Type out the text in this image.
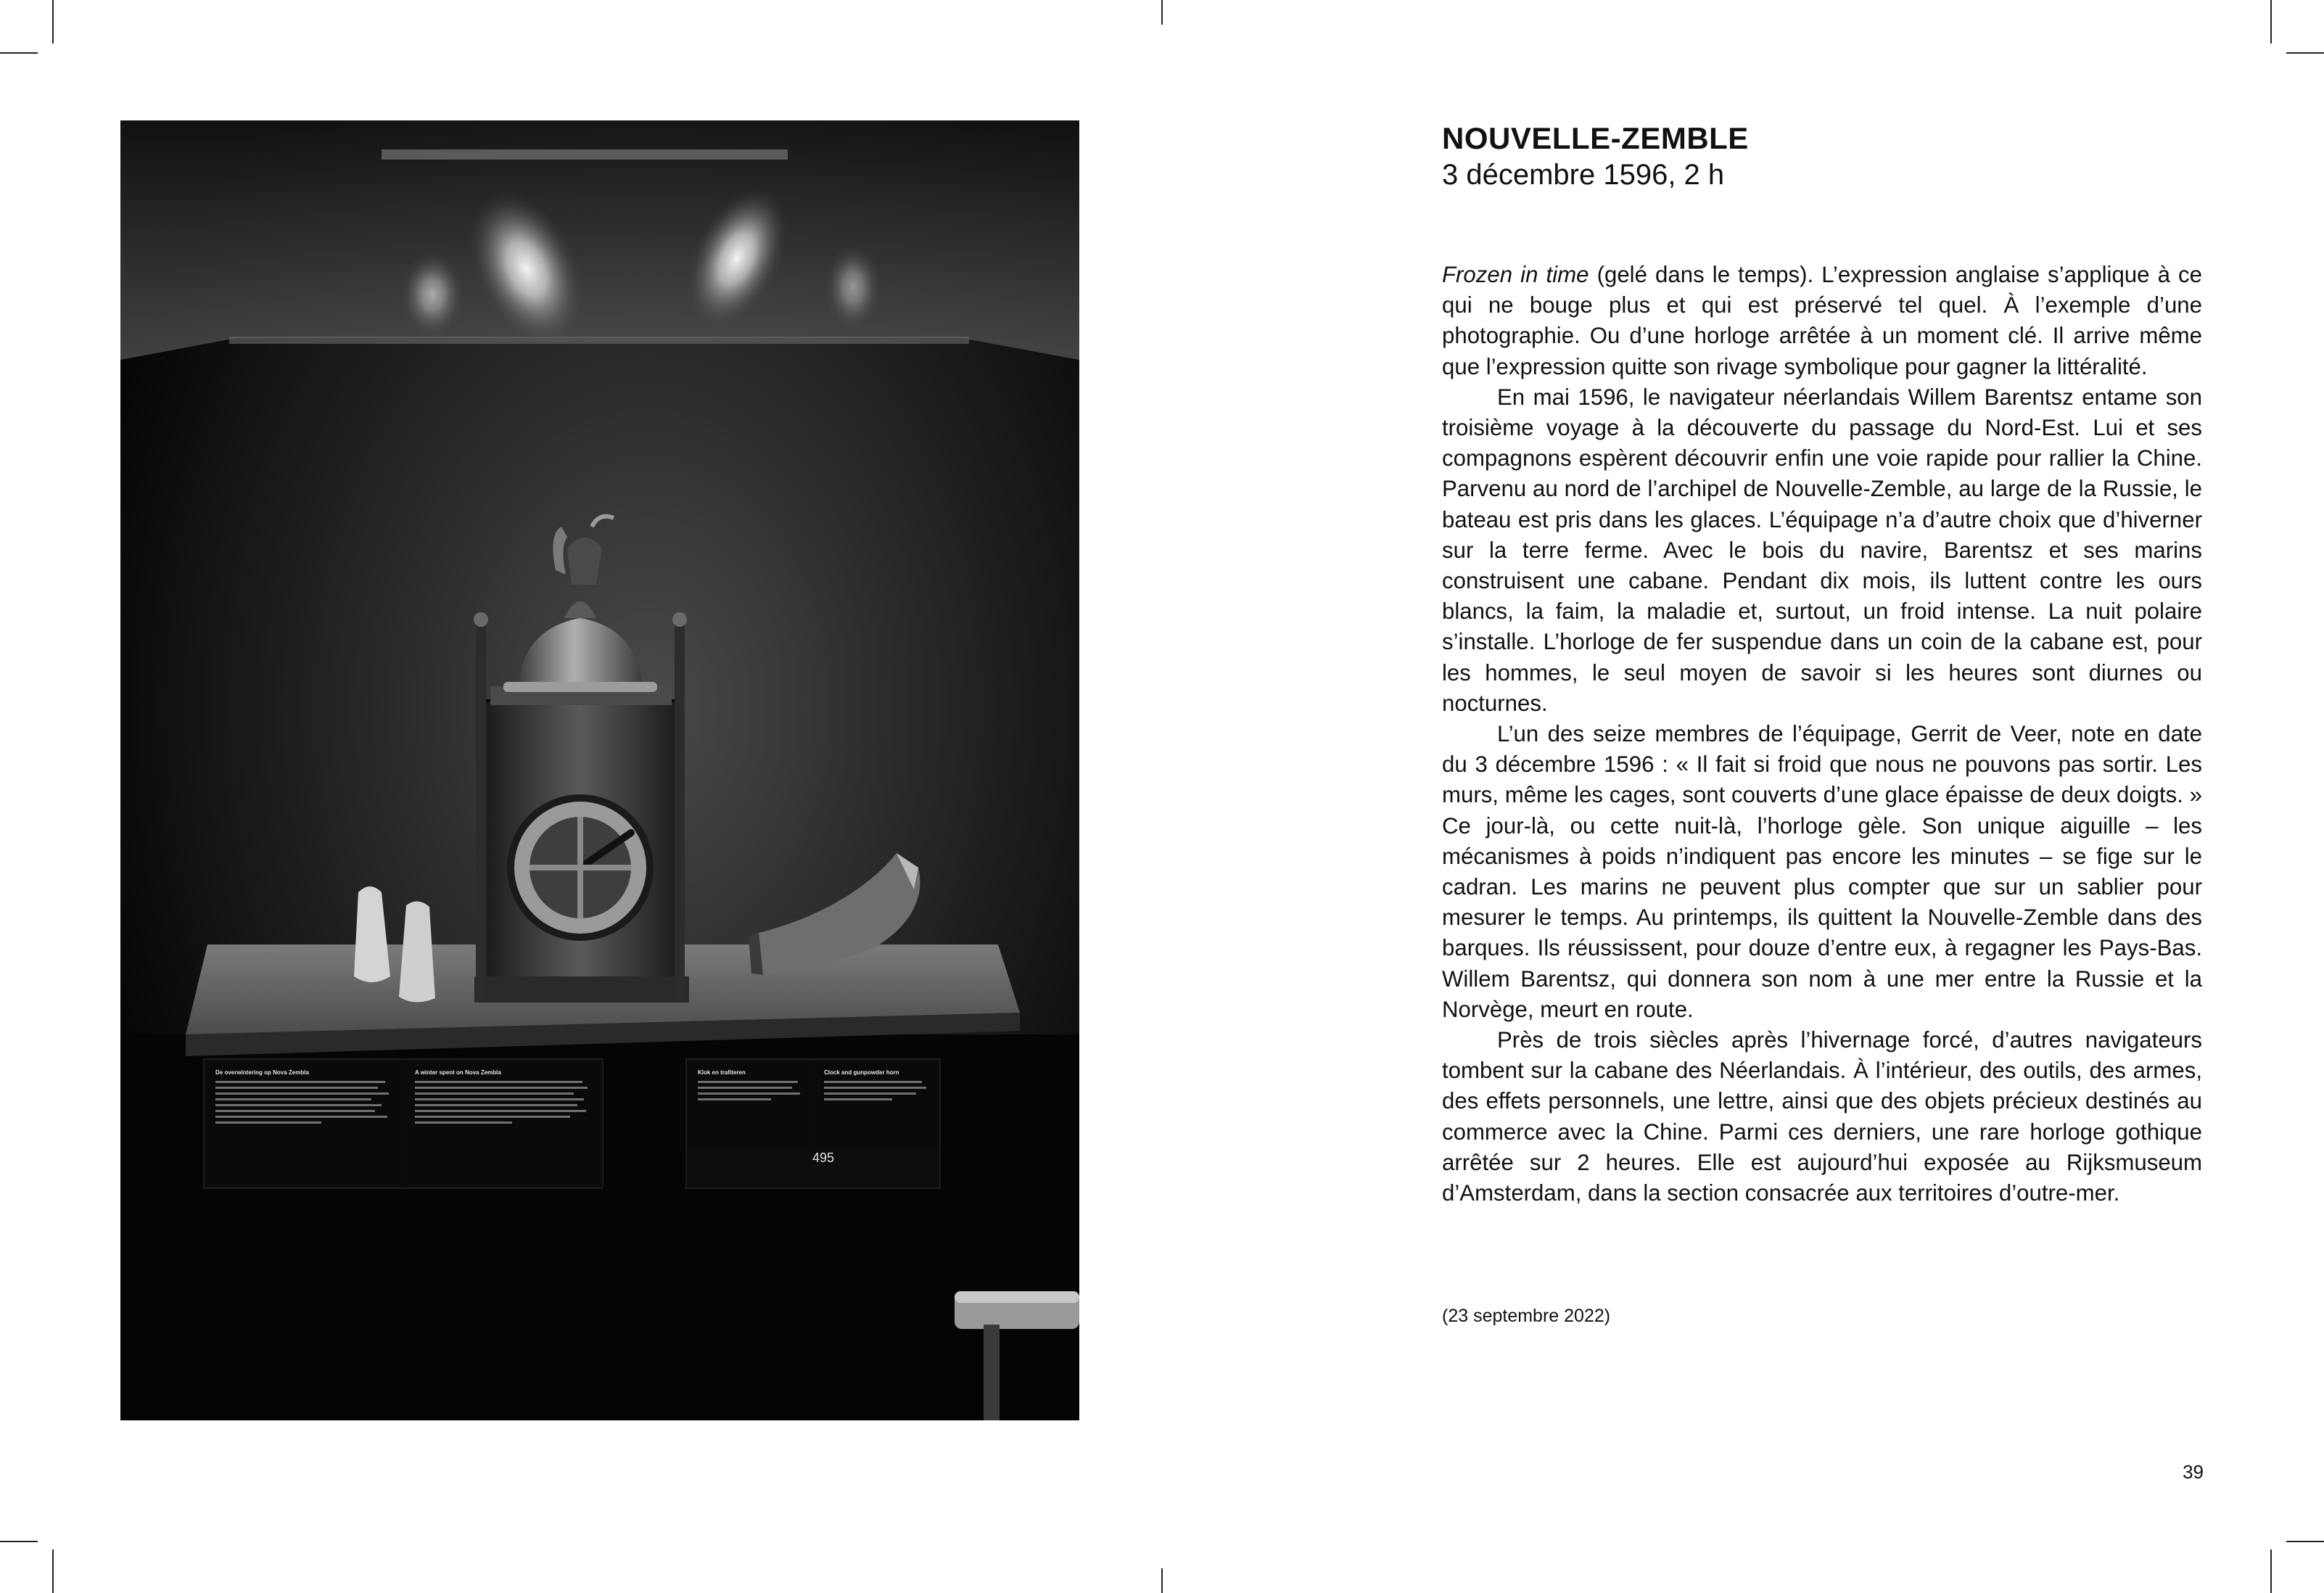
De overwintering op Nova Zembla	A winter spent on Nova Zembla	Klok en trafiteren	Clock and gunpowder horn
495
NOUVELLE-ZEMBLE
3 décembre 1596, 2 h

Frozen in time (gelé dans le temps). L’expression anglaise s’applique à ce qui ne bouge plus et qui est préservé tel quel. À l’exemple d’une photographie. Ou d’une horloge arrêtée à un moment clé. Il arrive même que l’expression quitte son rivage symbolique pour gagner la littéralité.

En mai 1596, le navigateur néerlandais Willem Barentsz entame son troisième voyage à la découverte du passage du Nord-Est. Lui et ses compagnons espèrent découvrir enfin une voie rapide pour rallier la Chine. Parvenu au nord de l’archipel de Nouvelle-Zemble, au large de la Russie, le bateau est pris dans les glaces. L’équipage n’a d’autre choix que d’hiverner sur la terre ferme. Avec le bois du navire, Barentsz et ses marins construisent une cabane. Pendant dix mois, ils luttent contre les ours blancs, la faim, la maladie et, surtout, un froid intense. La nuit polaire s’installe. L’horloge de fer suspendue dans un coin de la cabane est, pour les hommes, le seul moyen de savoir si les heures sont diurnes ou nocturnes.

L’un des seize membres de l’équipage, Gerrit de Veer, note en date du 3 décembre 1596 : « Il fait si froid que nous ne pouvons pas sortir. Les murs, même les cages, sont couverts d’une glace épaisse de deux doigts. » Ce jour-là, ou cette nuit-là, l’horloge gèle. Son unique aiguille – les mécanismes à poids n’indiquent pas encore les minutes – se fige sur le cadran. Les marins ne peuvent plus compter que sur un sablier pour mesurer le temps. Au printemps, ils quittent la Nouvelle-Zemble dans des barques. Ils réussissent, pour douze d’entre eux, à regagner les Pays-Bas. Willem Barentsz, qui donnera son nom à une mer entre la Russie et la Norvège, meurt en route.

Près de trois siècles après l’hivernage forcé, d’autres navigateurs tombent sur la cabane des Néerlandais. À l’intérieur, des outils, des armes, des effets personnels, une lettre, ainsi que des objets précieux destinés au commerce avec la Chine. Parmi ces derniers, une rare horloge gothique arrêtée sur 2 heures. Elle est aujourd’hui exposée au Rijksmuseum d’Amsterdam, dans la section consacrée aux territoires d’outre-mer.

(23 septembre 2022)

39
